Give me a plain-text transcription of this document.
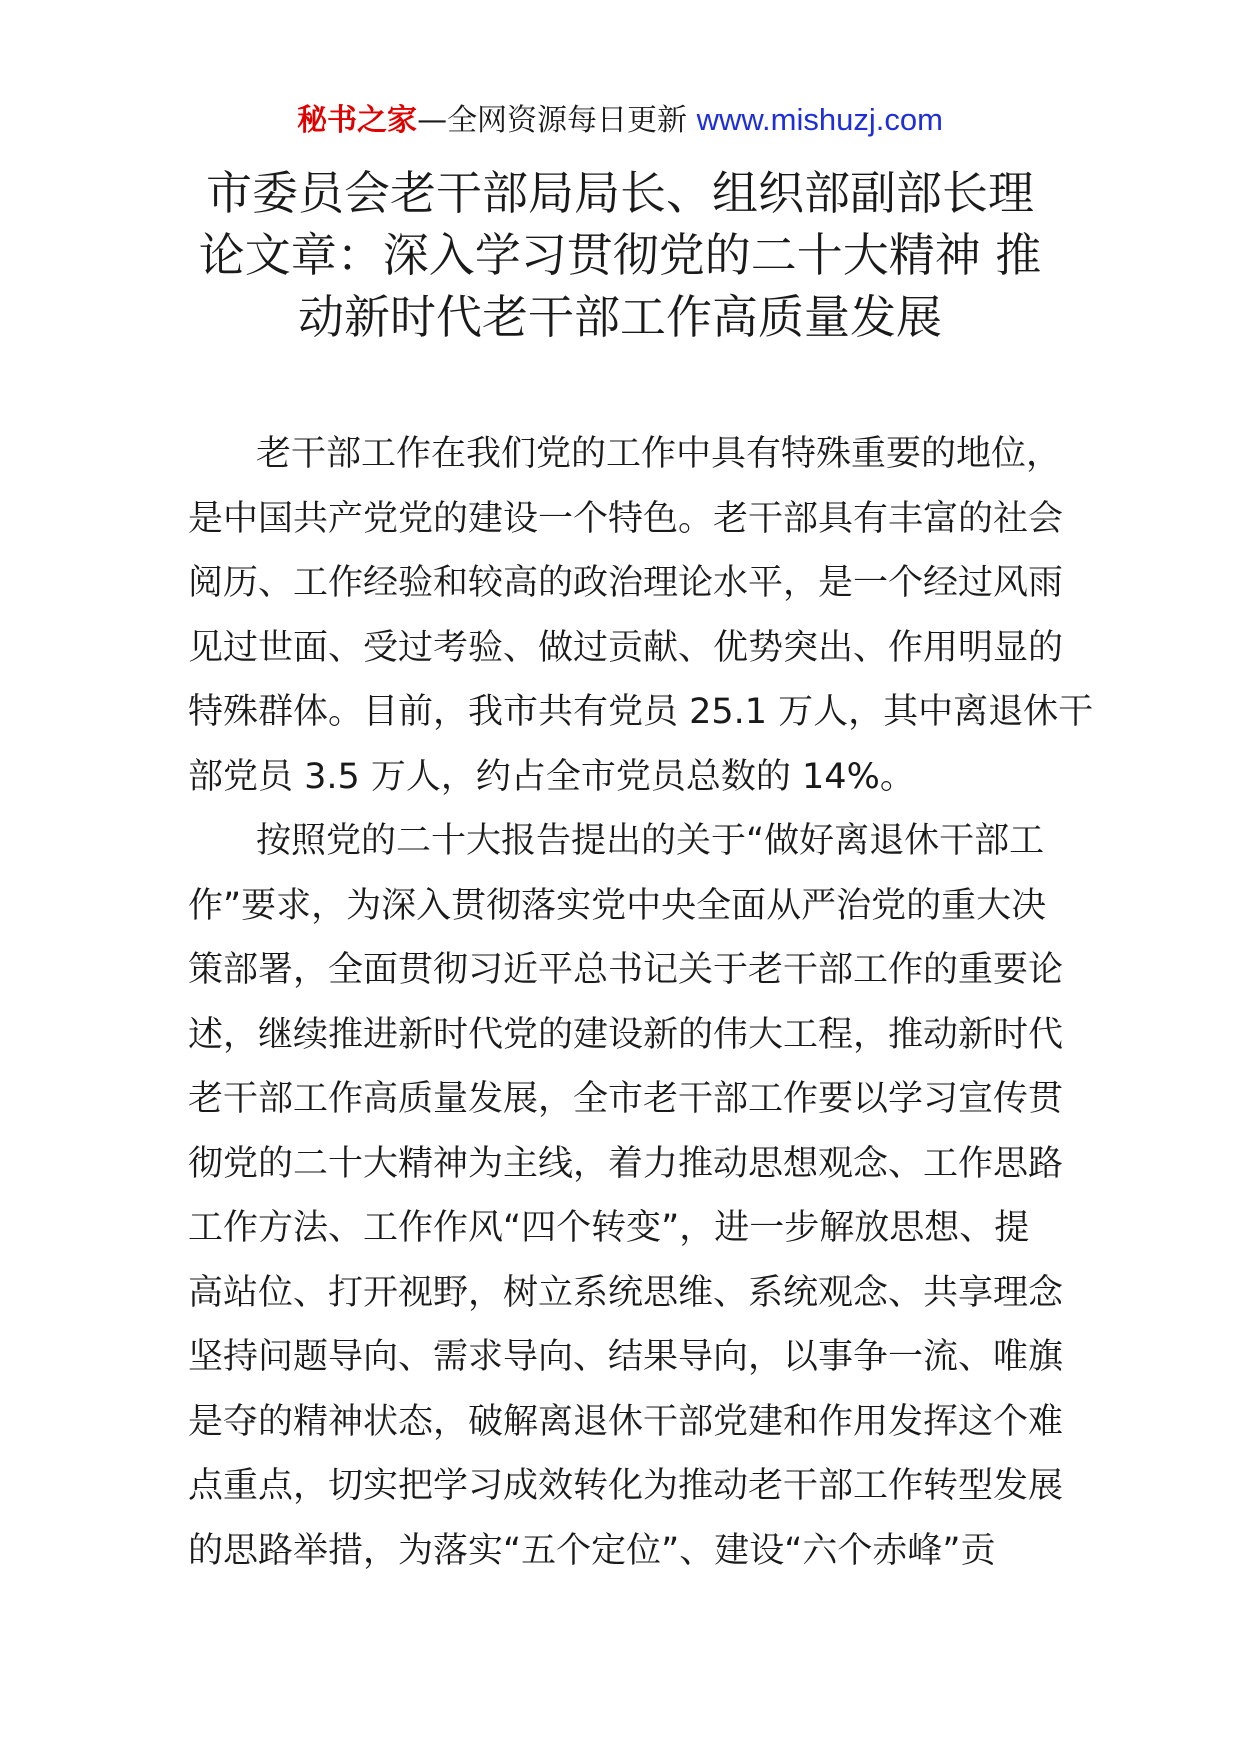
秘书之家—全网资源每日更新 www.mishuzj.com
市委员会老干部局局长、组织部副部长理
论文章：深入学习贯彻党的二十大精神 推
动新时代老干部工作高质量发展
老干部工作在我们党的工作中具有特殊重要的地位，
是中国共产党党的建设一个特色。老干部具有丰富的社会
阅历、工作经验和较高的政治理论水平，是一个经过风雨
见过世面、受过考验、做过贡献、优势突出、作用明显的
特殊群体。目前，我市共有党员 25.1 万人，其中离退休干
部党员 3.5 万人，约占全市党员总数的 14%。
按照党的二十大报告提出的关于“做好离退休干部工
作”要求，为深入贯彻落实党中央全面从严治党的重大决
策部署，全面贯彻习近平总书记关于老干部工作的重要论
述，继续推进新时代党的建设新的伟大工程，推动新时代
老干部工作高质量发展，全市老干部工作要以学习宣传贯
彻党的二十大精神为主线，着力推动思想观念、工作思路
工作方法、工作作风“四个转变”，进一步解放思想、提
高站位、打开视野，树立系统思维、系统观念、共享理念
坚持问题导向、需求导向、结果导向，以事争一流、唯旗
是夺的精神状态，破解离退休干部党建和作用发挥这个难
点重点，切实把学习成效转化为推动老干部工作转型发展
的思路举措，为落实“五个定位”、建设“六个赤峰”贡
